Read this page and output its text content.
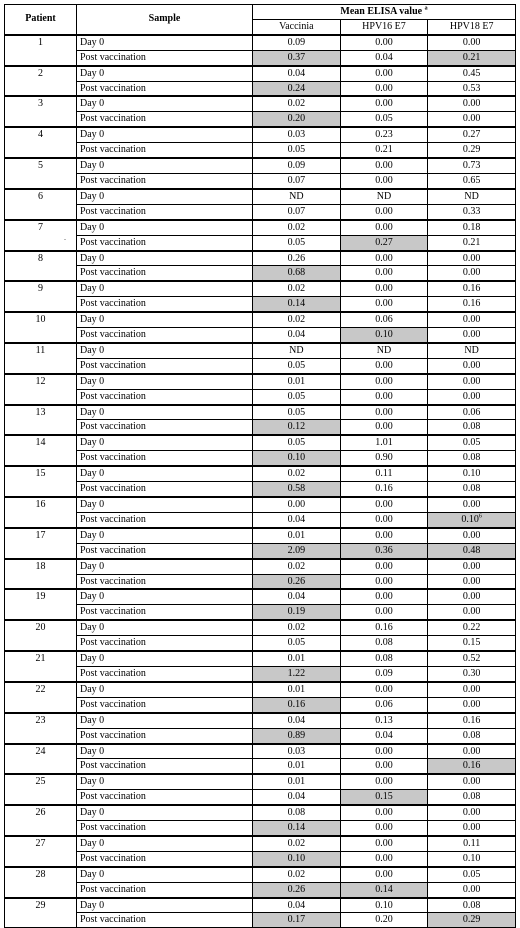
Patient	Sample	Mean ELISA value $^a$
		Vaccinia	HPV16 E7	HPV18 E7
1	Day 0	0.09	0.00	0.00
	Post vaccination	0.37	0.04	0.21
2	Day 0	0.04	0.00	0.45
	Post vaccination	0.24	0.00	0.53
3	Day 0	0.02	0.00	0.00
	Post vaccination	0.20	0.05	0.00
4	Day 0	0.03	0.23	0.27
	Post vaccination	0.05	0.21	0.29
5	Day 0	0.09	0.00	0.73
	Post vaccination	0.07	0.00	0.65
6	Day 0	ND	ND	ND
	Post vaccination	0.07	0.00	0.33
7	Day 0	0.02	0.00	0.18
	Post vaccination	0.05	0.27	0.21
8	Day 0	0.26	0.00	0.00
	Post vaccination	0.68	0.00	0.00
9	Day 0	0.02	0.00	0.16
	Post vaccination	0.14	0.00	0.16
10	Day 0	0.02	0.06	0.00
	Post vaccination	0.04	0.10	0.00
11	Day 0	ND	ND	ND
	Post vaccination	0.05	0.00	0.00
12	Day 0	0.01	0.00	0.00
	Post vaccination	0.05	0.00	0.00
13	Day 0	0.05	0.00	0.06
	Post vaccination	0.12	0.00	0.08
14	Day 0	0.05	1.01	0.05
	Post vaccination	0.10	0.90	0.08
15	Day 0	0.02	0.11	0.10
	Post vaccination	0.58	0.16	0.08
16	Day 0	0.00	0.00	0.00
	Post vaccination	0.04	0.00	0.10$^6$
17	Day 0	0.01	0.00	0.00
	Post vaccination	2.09	0.36	0.48
18	Day 0	0.02	0.00	0.00
	Post vaccination	0.26	0.00	0.00
19	Day 0	0.04	0.00	0.00
	Post vaccination	0.19	0.00	0.00
20	Day 0	0.02	0.16	0.22
	Post vaccination	0.05	0.08	0.15
21	Day 0	0.01	0.08	0.52
	Post vaccination	1.22	0.09	0.30
22	Day 0	0.01	0.00	0.00
	Post vaccination	0.16	0.06	0.00
23	Day 0	0.04	0.13	0.16
	Post vaccination	0.89	0.04	0.08
24	Day 0	0.03	0.00	0.00
	Post vaccination	0.01	0.00	0.16
25	Day 0	0.01	0.00	0.00
	Post vaccination	0.04	0.15	0.08
26	Day 0	0.08	0.00	0.00
	Post vaccination	0.14	0.00	0.00
27	Day 0	0.02	0.00	0.11
	Post vaccination	0.10	0.00	0.10
28	Day 0	0.02	0.00	0.05
	Post vaccination	0.26	0.14	0.00
29	Day 0	0.04	0.10	0.08
	Post vaccination	0.17	0.20	0.29
.
